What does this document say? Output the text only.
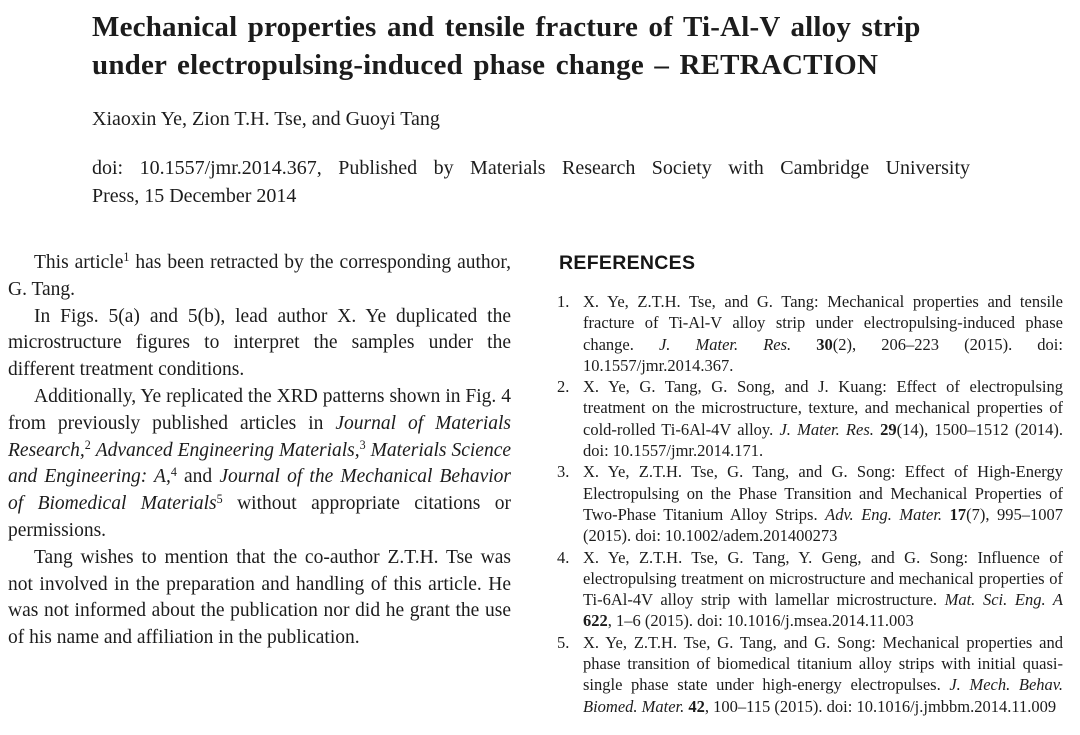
Mechanical properties and tensile fracture of Ti-Al-V alloy strip
under electropulsing-induced phase change – RETRACTION

Xiaoxin Ye, Zion T.H. Tse, and Guoyi Tang

doi: 10.1557/jmr.2014.367, Published by Materials Research Society with Cambridge University
Press, 15 December 2014

This article$^1$ has been retracted by the corresponding author, G. Tang.

In Figs. 5(a) and 5(b), lead author X. Ye duplicated the microstructure figures to interpret the samples under the different treatment conditions.

Additionally, Ye replicated the XRD patterns shown in Fig. 4 from previously published articles in Journal of Materials Research,$^2$ Advanced Engineering Materials,$^3$ Materials Science and Engineering: A,$^4$ and Journal of the Mechanical Behavior of Biomedical Materials$^5$ without appropriate citations or permissions.

Tang wishes to mention that the co-author Z.T.H. Tse was not involved in the preparation and handling of this article. He was not informed about the publication nor did he grant the use of his name and affiliation in the publication.

REFERENCES
1. X. Ye, Z.T.H. Tse, and G. Tang: Mechanical properties and tensile fracture of Ti-Al-V alloy strip under electropulsing-induced phase change. J. Mater. Res. 30(2), 206–223 (2015). doi: 10.1557/jmr.2014.367.
2. X. Ye, G. Tang, G. Song, and J. Kuang: Effect of electropulsing treatment on the microstructure, texture, and mechanical properties of cold-rolled Ti-6Al-4V alloy. J. Mater. Res. 29(14), 1500–1512 (2014). doi: 10.1557/jmr.2014.171.
3. X. Ye, Z.T.H. Tse, G. Tang, and G. Song: Effect of High-Energy Electropulsing on the Phase Transition and Mechanical Properties of Two-Phase Titanium Alloy Strips. Adv. Eng. Mater. 17(7), 995–1007 (2015). doi: 10.1002/adem.201400273
4. X. Ye, Z.T.H. Tse, G. Tang, Y. Geng, and G. Song: Influence of electropulsing treatment on microstructure and mechanical properties of Ti-6Al-4V alloy strip with lamellar microstructure. Mat. Sci. Eng. A 622, 1–6 (2015). doi: 10.1016/j.msea.2014.11.003
5. X. Ye, Z.T.H. Tse, G. Tang, and G. Song: Mechanical properties and phase transition of biomedical titanium alloy strips with initial quasi-single phase state under high-energy electropulses. J. Mech. Behav. Biomed. Mater. 42, 100–115 (2015). doi: 10.1016/j.jmbbm.2014.11.009
